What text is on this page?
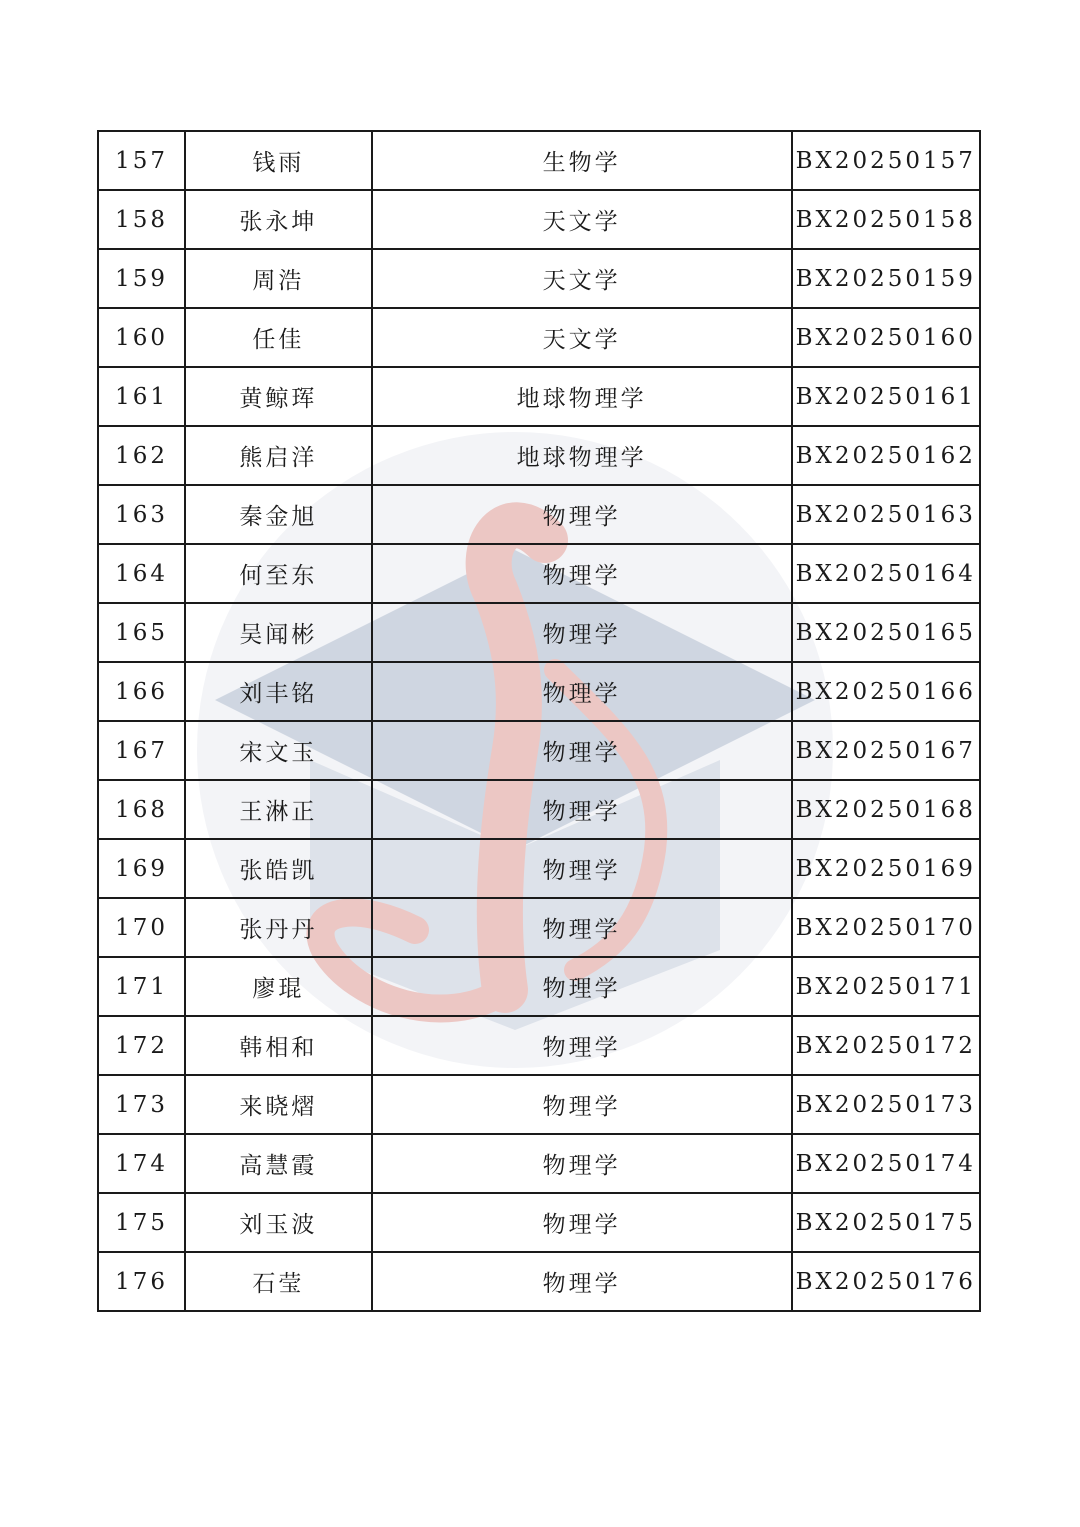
157	钱雨	生物学	BX20250157
158	张永坤	天文学	BX20250158
159	周浩	天文学	BX20250159
160	任佳	天文学	BX20250160
161	黄鲸珲	地球物理学	BX20250161
162	熊启洋	地球物理学	BX20250162
163	秦金旭	物理学	BX20250163
164	何至东	物理学	BX20250164
165	吴闻彬	物理学	BX20250165
166	刘丰铭	物理学	BX20250166
167	宋文玉	物理学	BX20250167
168	王淋正	物理学	BX20250168
169	张皓凯	物理学	BX20250169
170	张丹丹	物理学	BX20250170
171	廖琨	物理学	BX20250171
172	韩相和	物理学	BX20250172
173	来晓熠	物理学	BX20250173
174	高慧霞	物理学	BX20250174
175	刘玉波	物理学	BX20250175
176	石莹	物理学	BX20250176
